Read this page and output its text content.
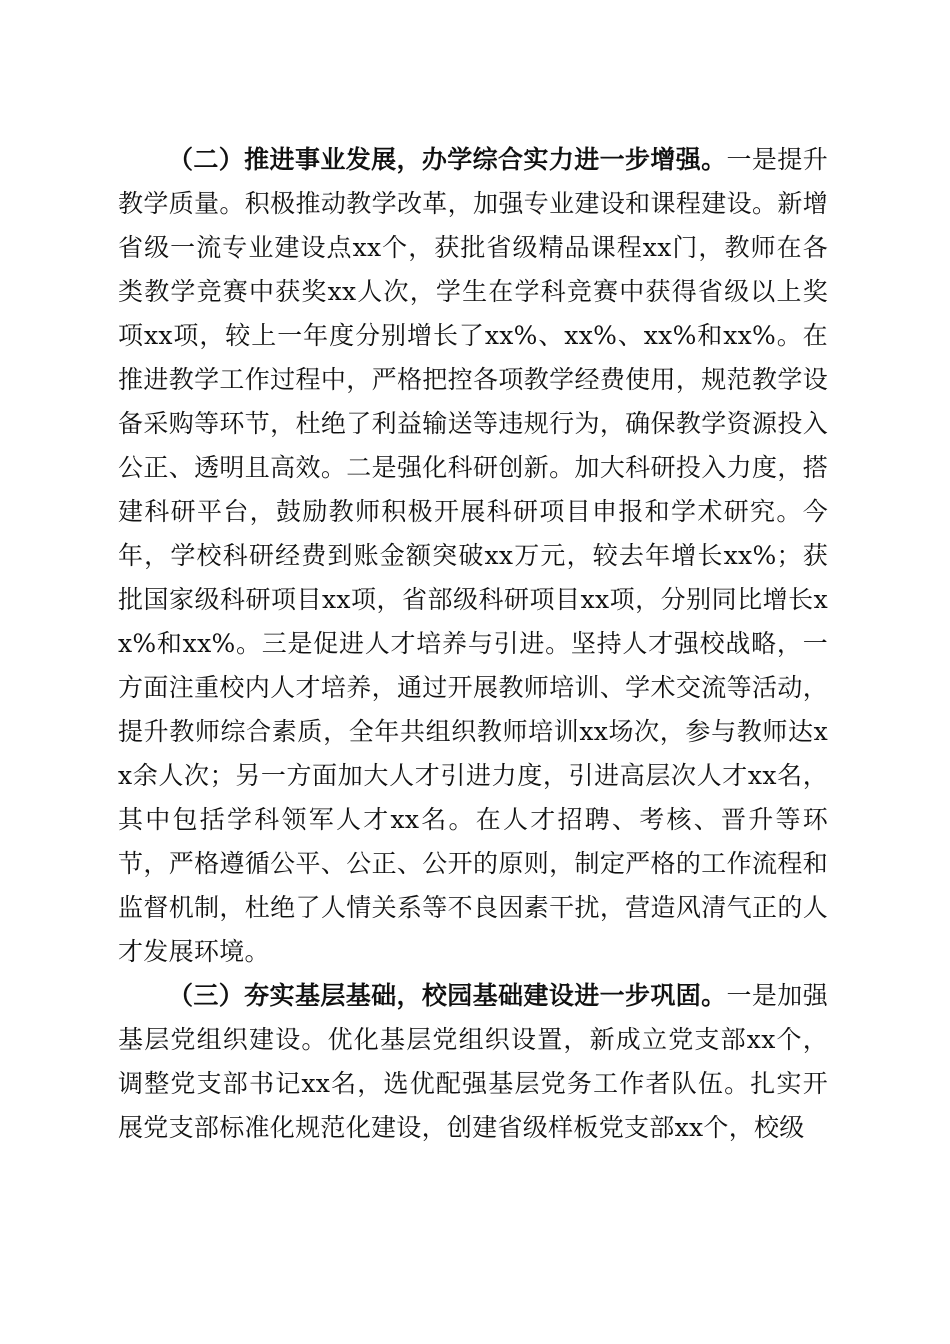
（二）推进事业发展，办学综合实力进一步增强。一是提升教学质量。积极推动教学改革，加强专业建设和课程建设。新增省级一流专业建设点xx个，获批省级精品课程xx门，教师在各类教学竞赛中获奖xx人次，学生在学科竞赛中获得省级以上奖项xx项，较上一年度分别增长了xx%、xx%、xx%和xx%。在推进教学工作过程中，严格把控各项教学经费使用，规范教学设备采购等环节，杜绝了利益输送等违规行为，确保教学资源投入公正、透明且高效。二是强化科研创新。加大科研投入力度，搭建科研平台，鼓励教师积极开展科研项目申报和学术研究。今年，学校科研经费到账金额突破xx万元，较去年增长xx%；获批国家级科研项目xx项，省部级科研项目xx项，分别同比增长xx%和xx%。三是促进人才培养与引进。坚持人才强校战略，一方面注重校内人才培养，通过开展教师培训、学术交流等活动，提升教师综合素质，全年共组织教师培训xx场次，参与教师达xx余人次；另一方面加大人才引进力度，引进高层次人才xx名，其中包括学科领军人才xx名。在人才招聘、考核、晋升等环节，严格遵循公平、公正、公开的原则，制定严格的工作流程和监督机制，杜绝了人情关系等不良因素干扰，营造风清气正的人才发展环境。

（三）夯实基层基础，校园基础建设进一步巩固。一是加强基层党组织建设。优化基层党组织设置，新成立党支部xx个，调整党支部书记xx名，选优配强基层党务工作者队伍。扎实开展党支部标准化规范化建设，创建省级样板党支部xx个，校级
